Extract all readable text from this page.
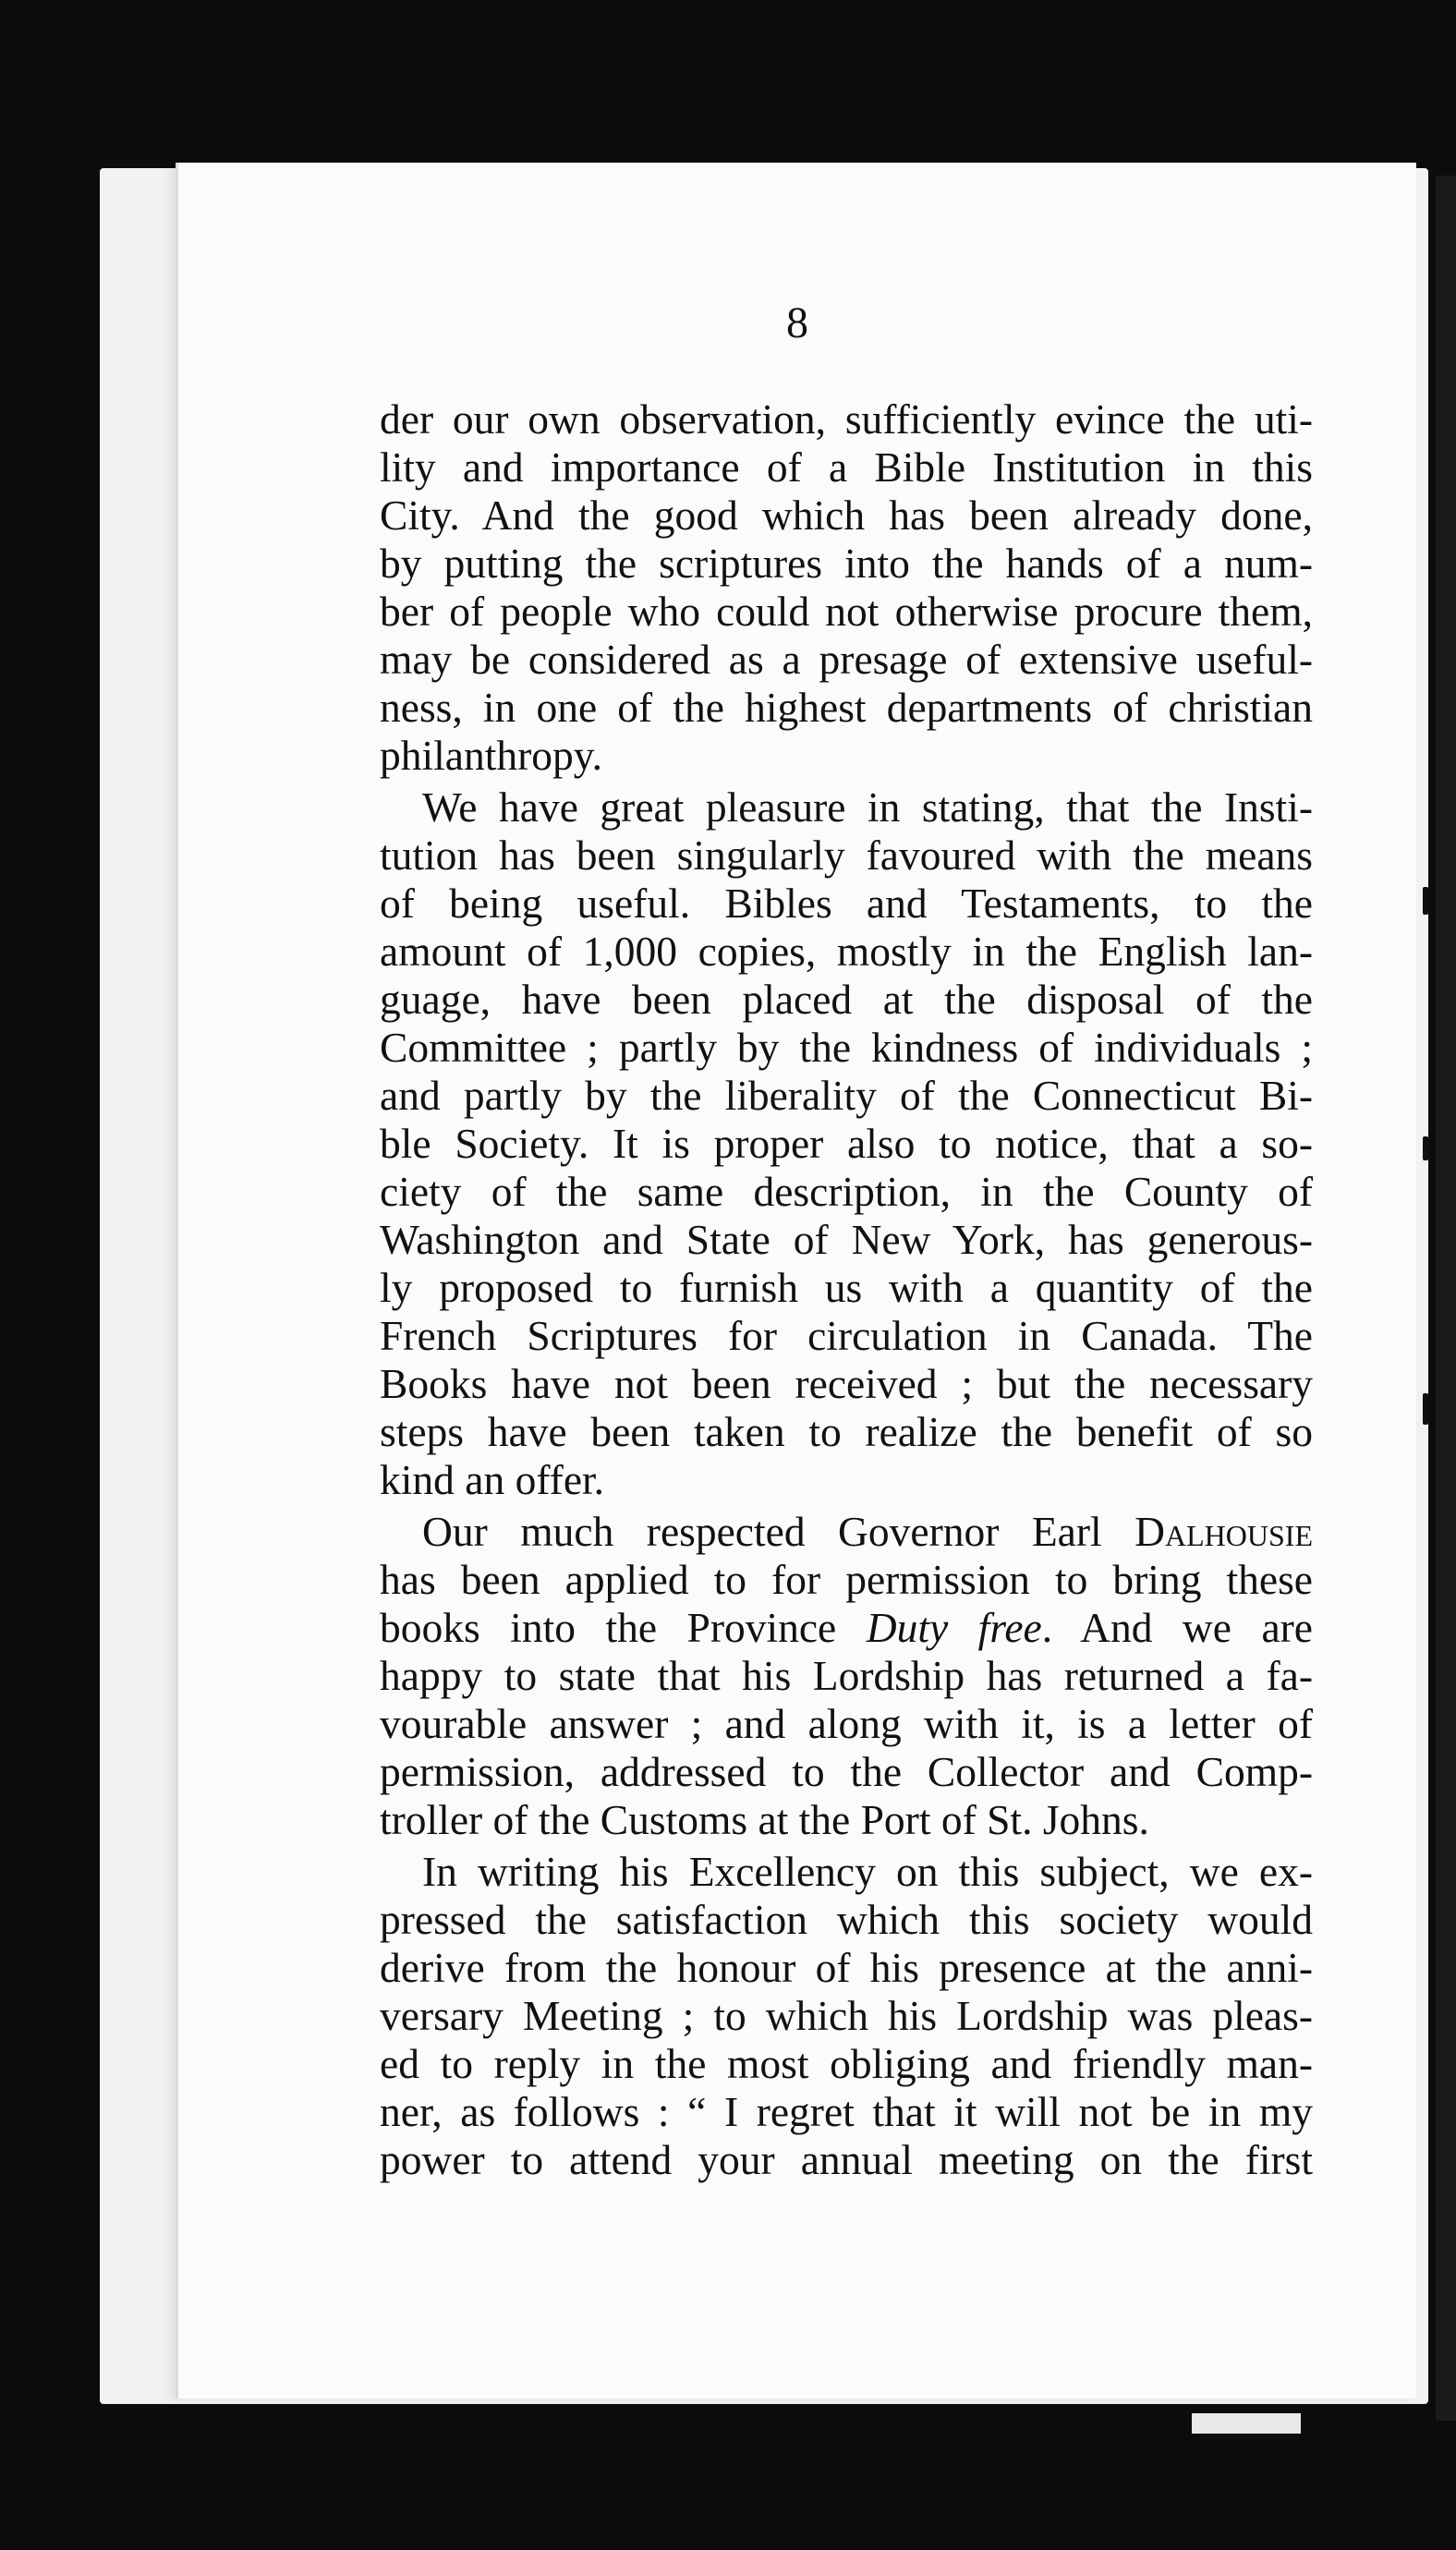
8
der our own observation, sufficiently evince the uti-
lity and importance of a Bible Institution in this
City. And the good which has been already done,
by putting the scriptures into the hands of a num-
ber of people who could not otherwise procure them,
may be considered as a presage of extensive useful-
ness, in one of the highest departments of christian
philanthropy.
We have great pleasure in stating, that the Insti-
tution has been singularly favoured with the means
of being useful. Bibles and Testaments, to the
amount of 1,000 copies, mostly in the English lan-
guage, have been placed at the disposal of the
Committee ; partly by the kindness of individuals ;
and partly by the liberality of the Connecticut Bi-
ble Society. It is proper also to notice, that a so-
ciety of the same description, in the County of
Washington and State of New York, has generous-
ly proposed to furnish us with a quantity of the
French Scriptures for circulation in Canada. The
Books have not been received ; but the necessary
steps have been taken to realize the benefit of so
kind an offer.
Our much respected Governor Earl Dalhousie
has been applied to for permission to bring these
books into the Province Duty free. And we are
happy to state that his Lordship has returned a fa-
vourable answer ; and along with it, is a letter of
permission, addressed to the Collector and Comp-
troller of the Customs at the Port of St. Johns.
In writing his Excellency on this subject, we ex-
pressed the satisfaction which this society would
derive from the honour of his presence at the anni-
versary Meeting ; to which his Lordship was pleas-
ed to reply in the most obliging and friendly man-
ner, as follows : “ I regret that it will not be in my
power to attend your annual meeting on the first
